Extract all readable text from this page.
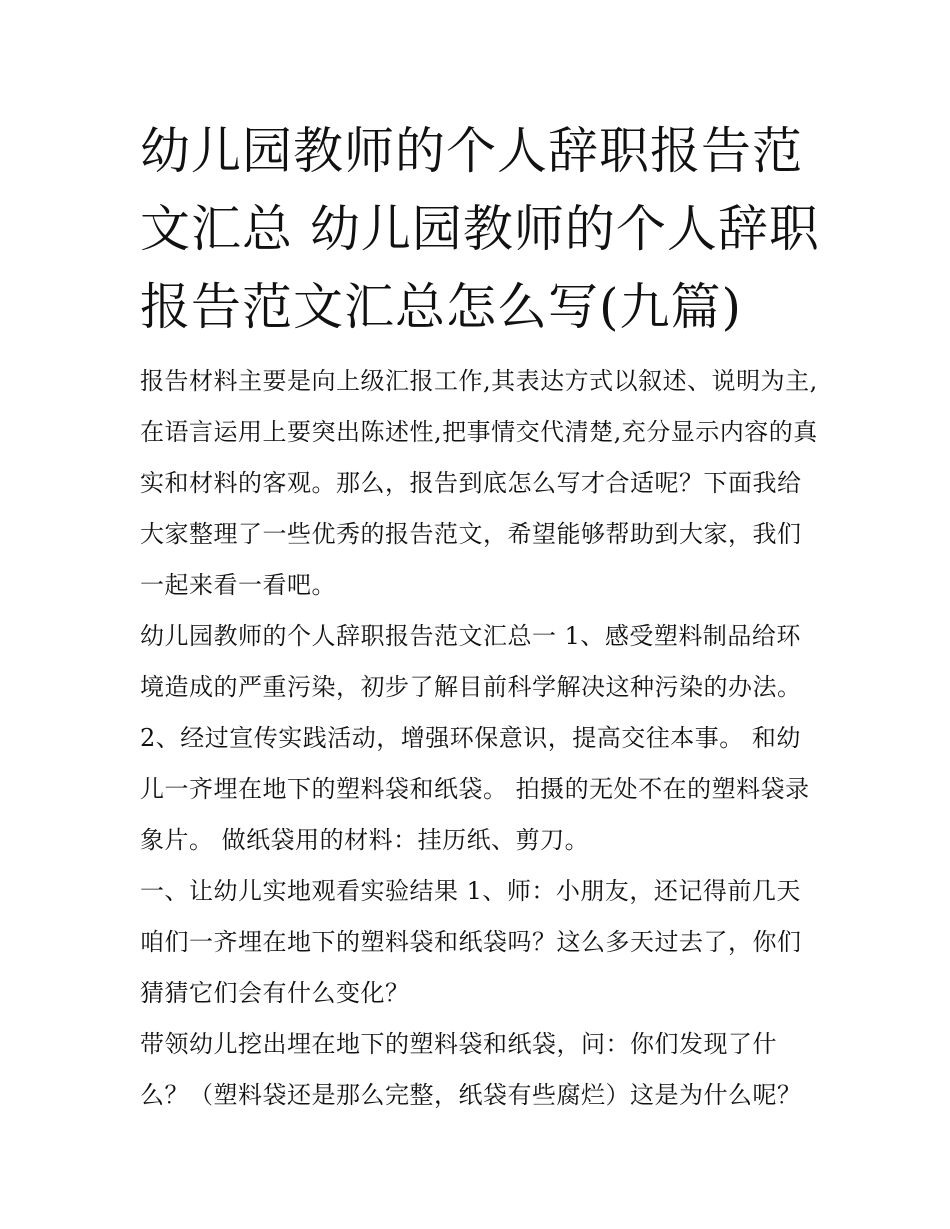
幼儿园教师的个人辞职报告范文汇总 幼儿园教师的个人辞职报告范文汇总怎么写(九篇)

报告材料主要是向上级汇报工作,其表达方式以叙述、说明为主,在语言运用上要突出陈述性,把事情交代清楚,充分显示内容的真实和材料的客观。那么，报告到底怎么写才合适呢？下面我给大家整理了一些优秀的报告范文，希望能够帮助到大家，我们一起来看一看吧。

幼儿园教师的个人辞职报告范文汇总一 1、感受塑料制品给环境造成的严重污染，初步了解目前科学解决这种污染的办法。 2、经过宣传实践活动，增强环保意识，提高交往本事。 和幼儿一齐埋在地下的塑料袋和纸袋。 拍摄的无处不在的塑料袋录象片。 做纸袋用的材料：挂历纸、剪刀。

一、让幼儿实地观看实验结果 1、师：小朋友，还记得前几天咱们一齐埋在地下的塑料袋和纸袋吗？这么多天过去了，你们猜猜它们会有什么变化？

带领幼儿挖出埋在地下的塑料袋和纸袋，问：你们发现了什么？（塑料袋还是那么完整，纸袋有些腐烂）这是为什么呢？
